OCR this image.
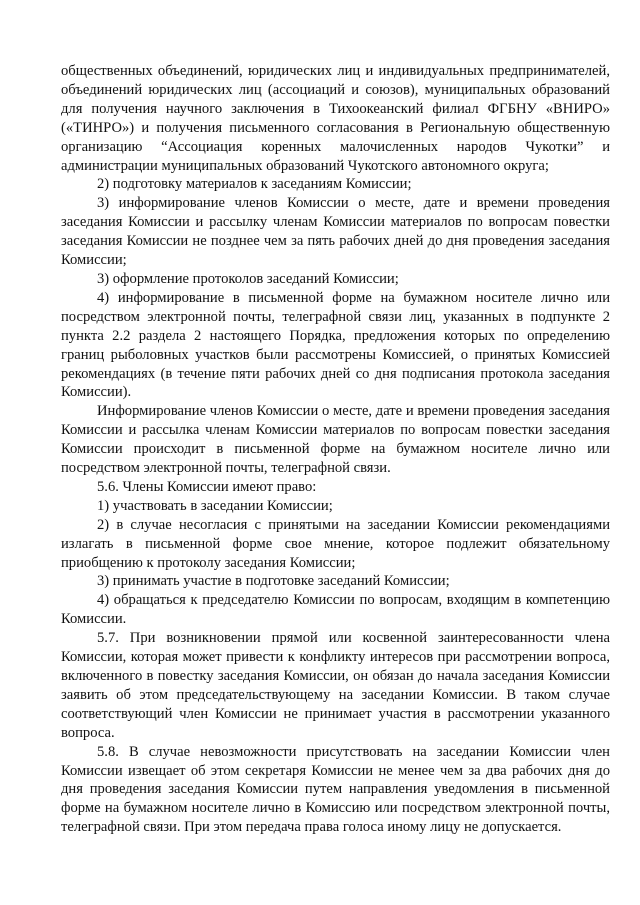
общественных объединений, юридических лиц и индивидуальных предпринимателей, объединений юридических лиц (ассоциаций и союзов), муниципальных образований для получения научного заключения в Тихоокеанский филиал ФГБНУ «ВНИРО» («ТИНРО») и получения письменного согласования в Региональную общественную организацию “Ассоциация коренных малочисленных народов Чукотки” и администрации муниципальных образований Чукотского автономного округа;

2) подготовку материалов к заседаниям Комиссии;

3) информирование членов Комиссии о месте, дате и времени проведения заседания Комиссии и рассылку членам Комиссии материалов по вопросам повестки заседания Комиссии не позднее чем за пять рабочих дней до дня проведения заседания Комиссии;

3) оформление протоколов заседаний Комиссии;

4) информирование в письменной форме на бумажном носителе лично или посредством электронной почты, телеграфной связи лиц, указанных в подпункте 2 пункта 2.2 раздела 2 настоящего Порядка, предложения которых по определению границ рыболовных участков были рассмотрены Комиссией, о принятых Комиссией рекомендациях (в течение пяти рабочих дней со дня подписания протокола заседания Комиссии).

Информирование членов Комиссии о месте, дате и времени проведения заседания Комиссии и рассылка членам Комиссии материалов по вопросам повестки заседания Комиссии происходит в письменной форме на бумажном носителе лично или посредством электронной почты, телеграфной связи.

5.6. Члены Комиссии имеют право:

1) участвовать в заседании Комиссии;

2) в случае несогласия с принятыми на заседании Комиссии рекомендациями излагать в письменной форме свое мнение, которое подлежит обязательному приобщению к протоколу заседания Комиссии;

3) принимать участие в подготовке заседаний Комиссии;

4) обращаться к председателю Комиссии по вопросам, входящим в компетенцию Комиссии.

5.7. При возникновении прямой или косвенной заинтересованности члена Комиссии, которая может привести к конфликту интересов при рассмотрении вопроса, включенного в повестку заседания Комиссии, он обязан до начала заседания Комиссии заявить об этом председательствующему на заседании Комиссии. В таком случае соответствующий член Комиссии не принимает участия в рассмотрении указанного вопроса.

5.8. В случае невозможности присутствовать на заседании Комиссии член Комиссии извещает об этом секретаря Комиссии не менее чем за два рабочих дня до дня проведения заседания Комиссии путем направления уведомления в письменной форме на бумажном носителе лично в Комиссию или посредством электронной почты, телеграфной связи. При этом передача права голоса иному лицу не допускается.
